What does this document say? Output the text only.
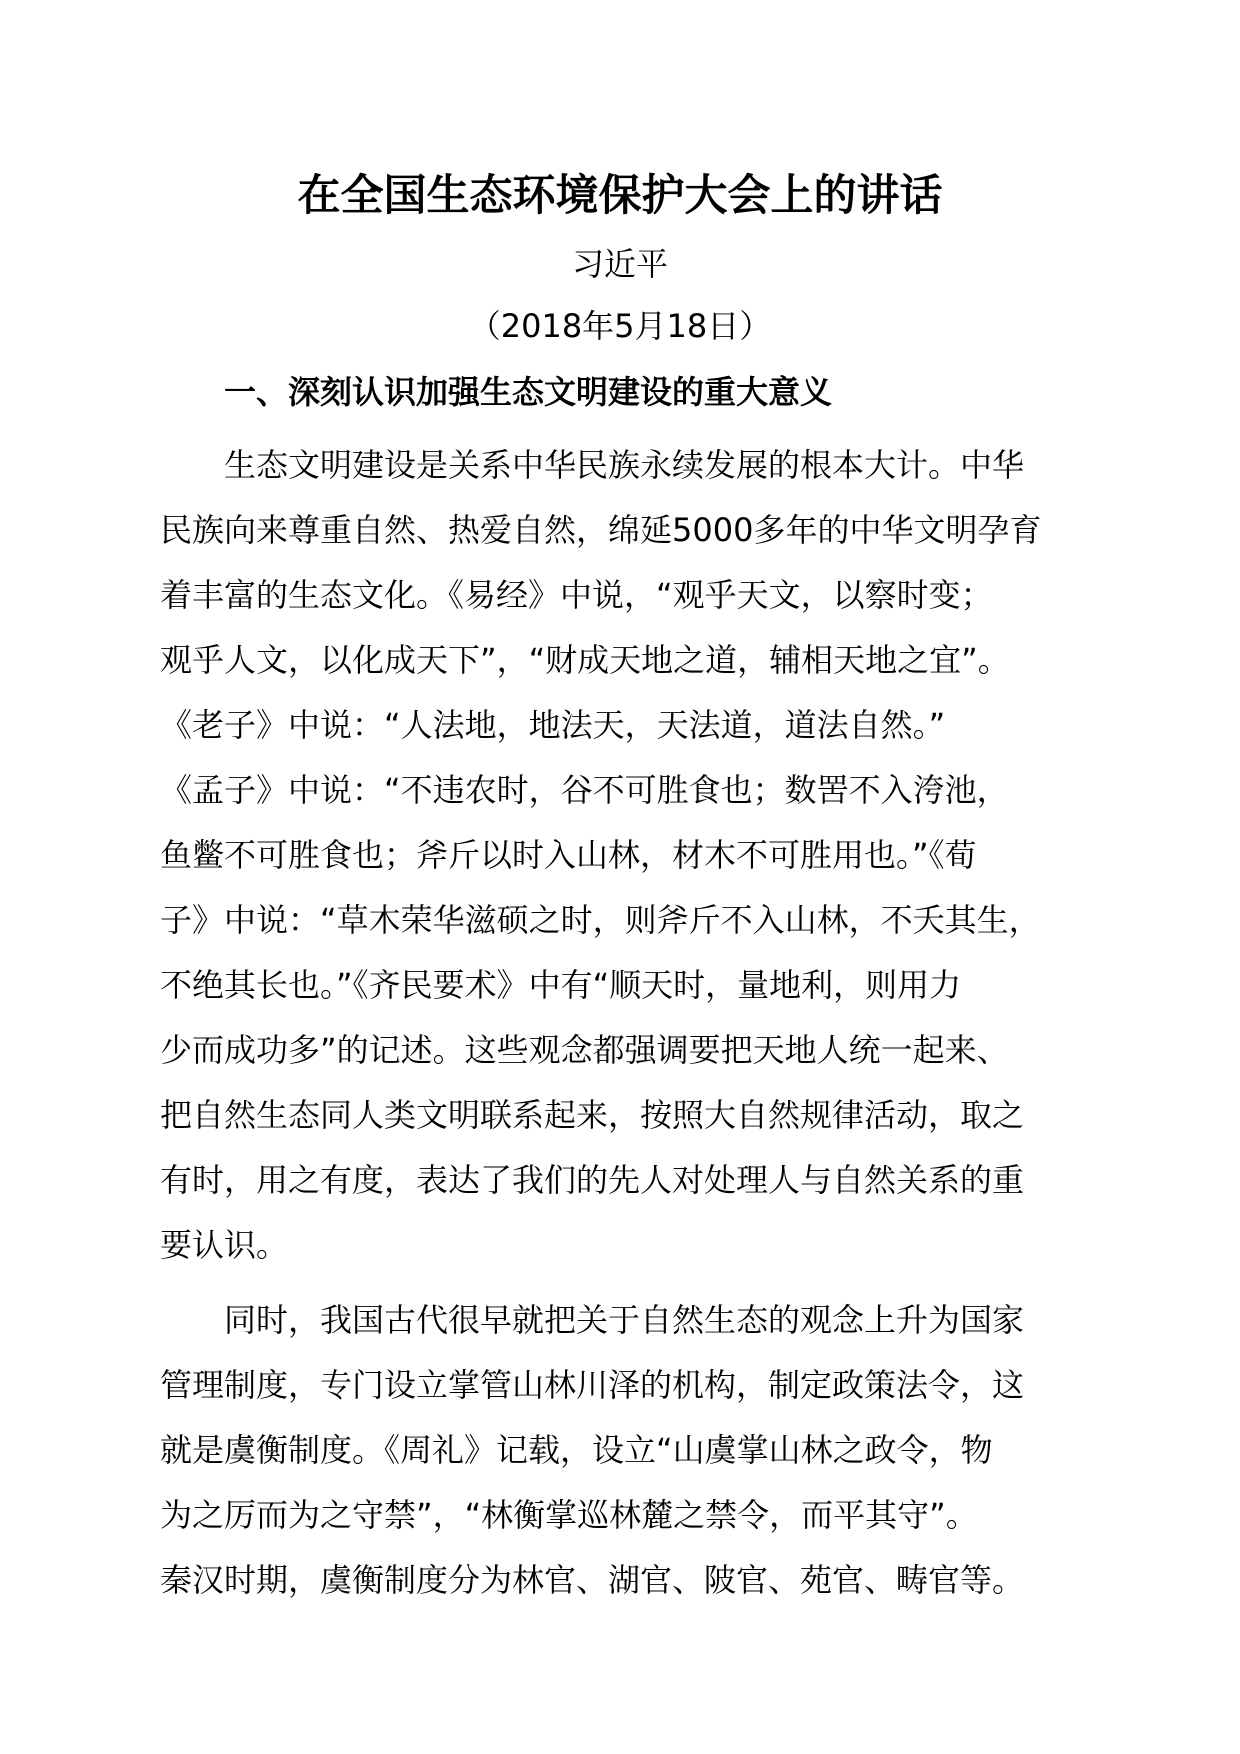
在全国生态环境保护大会上的讲话
习近平
（2018年5月18日）
一、深刻认识加强生态文明建设的重大意义
生态文明建设是关系中华民族永续发展的根本大计。中华
民族向来尊重自然、热爱自然，绵延5000多年的中华文明孕育
着丰富的生态文化。《易经》中说，“观乎天文，以察时变；
观乎人文，以化成天下”，“财成天地之道，辅相天地之宜”。
《老子》中说：“人法地，地法天，天法道，道法自然。”
《孟子》中说：“不违农时，谷不可胜食也；数罟不入洿池，
鱼鳖不可胜食也；斧斤以时入山林，材木不可胜用也。”《荀
子》中说：“草木荣华滋硕之时，则斧斤不入山林，不夭其生，
不绝其长也。”《齐民要术》中有“顺天时，量地利，则用力
少而成功多”的记述。这些观念都强调要把天地人统一起来、
把自然生态同人类文明联系起来，按照大自然规律活动，取之
有时，用之有度，表达了我们的先人对处理人与自然关系的重
要认识。
同时，我国古代很早就把关于自然生态的观念上升为国家
管理制度，专门设立掌管山林川泽的机构，制定政策法令，这
就是虞衡制度。《周礼》记载，设立“山虞掌山林之政令，物
为之厉而为之守禁”，“林衡掌巡林麓之禁令，而平其守”。
秦汉时期，虞衡制度分为林官、湖官、陂官、苑官、畴官等。
